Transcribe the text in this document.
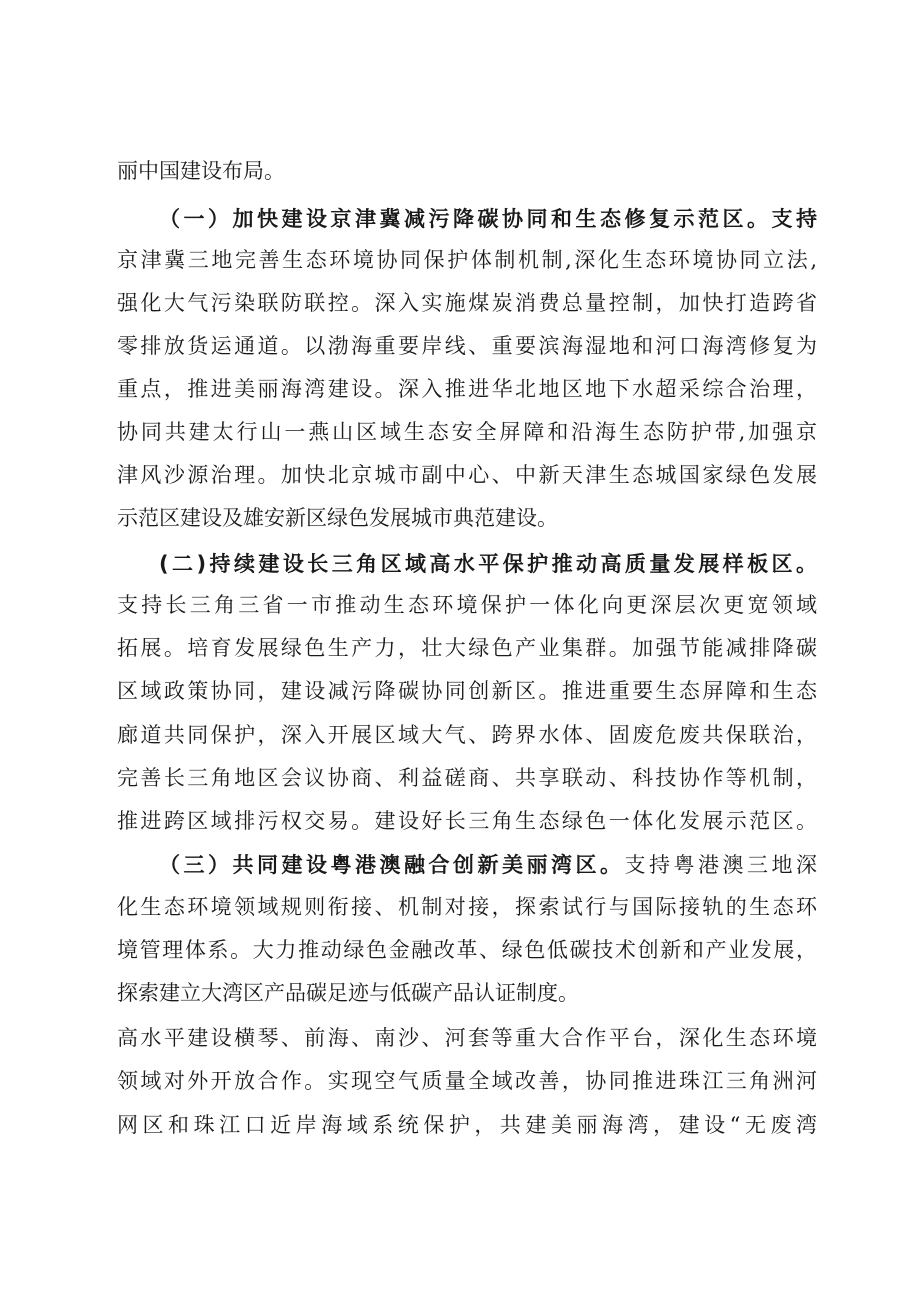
丽中国建设布局。
（一）加快建设京津冀减污降碳协同和生态修复示范区。支持
京津冀三地完善生态环境协同保护体制机制,深化生态环境协同立法,
强化大气污染联防联控。深入实施煤炭消费总量控制，加快打造跨省
零排放货运通道。以渤海重要岸线、重要滨海湿地和河口海湾修复为
重点，推进美丽海湾建设。深入推进华北地区地下水超采综合治理，
协同共建太行山一燕山区域生态安全屏障和沿海生态防护带,加强京
津风沙源治理。加快北京城市副中心、中新天津生态城国家绿色发展
示范区建设及雄安新区绿色发展城市典范建设。
(二)持续建设长三角区域高水平保护推动高质量发展样板区。
支持长三角三省一市推动生态环境保护一体化向更深层次更宽领域
拓展。培育发展绿色生产力，壮大绿色产业集群。加强节能减排降碳
区域政策协同，建设减污降碳协同创新区。推进重要生态屏障和生态
廊道共同保护，深入开展区域大气、跨界水体、固废危废共保联治，
完善长三角地区会议协商、利益磋商、共享联动、科技协作等机制，
推进跨区域排污权交易。建设好长三角生态绿色一体化发展示范区。
（三）共同建设粤港澳融合创新美丽湾区。支持粤港澳三地深
化生态环境领域规则衔接、机制对接，探索试行与国际接轨的生态环
境管理体系。大力推动绿色金融改革、绿色低碳技术创新和产业发展，
探索建立大湾区产品碳足迹与低碳产品认证制度。
高水平建设横琴、前海、南沙、河套等重大合作平台，深化生态环境
领域对外开放合作。实现空气质量全域改善，协同推进珠江三角洲河
网区和珠江口近岸海域系统保护，共建美丽海湾，建设“无废湾
